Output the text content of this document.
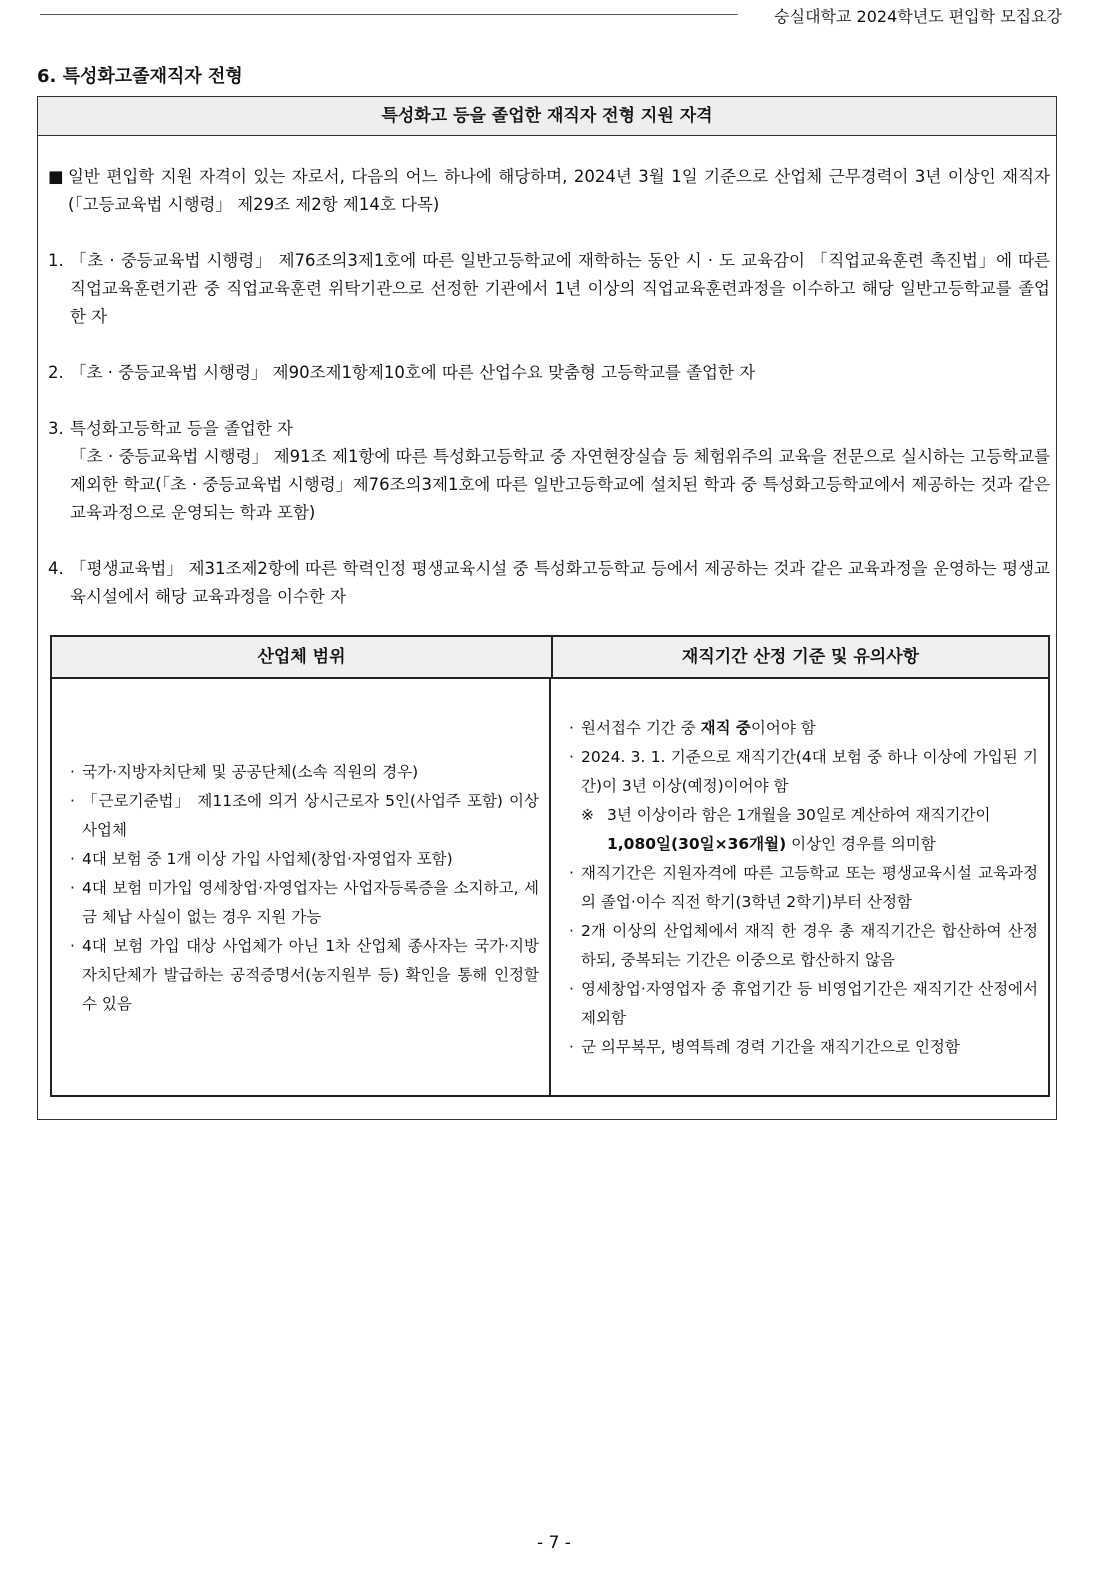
숭실대학교 2024학년도 편입학 모집요강
6. 특성화고졸재직자 전형
특성화고 등을 졸업한 재직자 전형 지원 자격
■ 일반 편입학 지원 자격이 있는 자로서, 다음의 어느 하나에 해당하며, 2024년 3월 1일 기준으로 산업체 근무경력이 3년 이상인 재직자(「고등교육법 시행령」 제29조 제2항 제14호 다목)
1. 「초 · 중등교육법 시행령」 제76조의3제1호에 따른 일반고등학교에 재학하는 동안 시 · 도 교육감이 「직업교육훈련 촉진법」에 따른 직업교육훈련기관 중 직업교육훈련 위탁기관으로 선정한 기관에서 1년 이상의 직업교육훈련과정을 이수하고 해당 일반고등학교를 졸업한 자
2. 「초 · 중등교육법 시행령」 제90조제1항제10호에 따른 산업수요 맞춤형 고등학교를 졸업한 자
3. 특성화고등학교 등을 졸업한 자
「초 · 중등교육법 시행령」 제91조 제1항에 따른 특성화고등학교 중 자연현장실습 등 체험위주의 교육을 전문으로 실시하는 고등학교를 제외한 학교(「초 · 중등교육법 시행령」제76조의3제1호에 따른 일반고등학교에 설치된 학과 중 특성화고등학교에서 제공하는 것과 같은 교육과정으로 운영되는 학과 포함)
4. 「평생교육법」 제31조제2항에 따른 학력인정 평생교육시설 중 특성화고등학교 등에서 제공하는 것과 같은 교육과정을 운영하는 평생교육시설에서 해당 교육과정을 이수한 자
산업체 범위	재직기간 산정 기준 및 유의사항
· 국가·지방자치단체 및 공공단체(소속 직원의 경우)
· 「근로기준법」 제11조에 의거 상시근로자 5인(사업주 포함) 이상 사업체
· 4대 보험 중 1개 이상 가입 사업체(창업·자영업자 포함)
· 4대 보험 미가입 영세창업·자영업자는 사업자등록증을 소지하고, 세금 체납 사실이 없는 경우 지원 가능
· 4대 보험 가입 대상 사업체가 아닌 1차 산업체 종사자는 국가·지방자치단체가 발급하는 공적증명서(농지원부 등) 확인을 통해 인정할 수 있음
· 원서접수 기간 중 재직 중이어야 함
· 2024. 3. 1. 기준으로 재직기간(4대 보험 중 하나 이상에 가입된 기간)이 3년 이상(예정)이어야 함
※ 3년 이상이라 함은 1개월을 30일로 계산하여 재직기간이
1,080일(30일×36개월) 이상인 경우를 의미함
· 재직기간은 지원자격에 따른 고등학교 또는 평생교육시설 교육과정의 졸업·이수 직전 학기(3학년 2학기)부터 산정함
· 2개 이상의 산업체에서 재직 한 경우 총 재직기간은 합산하여 산정하되, 중복되는 기간은 이중으로 합산하지 않음
· 영세창업·자영업자 중 휴업기간 등 비영업기간은 재직기간 산정에서 제외함
· 군 의무복무, 병역특례 경력 기간을 재직기간으로 인정함
- 7 -
